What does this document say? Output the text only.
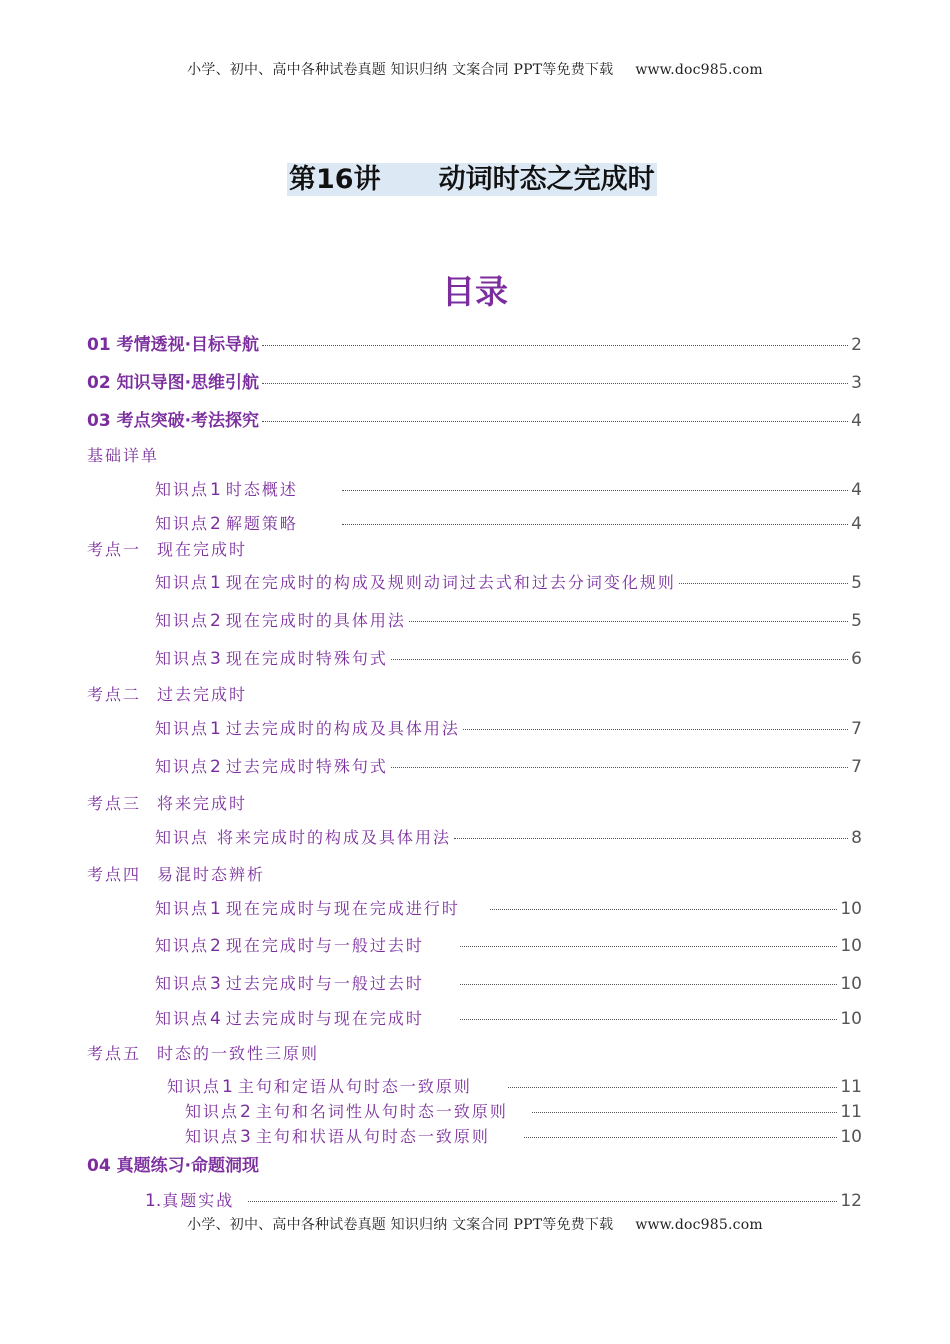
小学、初中、高中各种试卷真题 知识归纳 文案合同 PPT等免费下载 www.doc985.com
第16讲 动词时态之完成时
目录
01 考情透视·目标导航	2
02 知识导图·思维引航	3
03 考点突破·考法探究	4
基础详单
知识点1 时态概述	4
知识点2 解题策略	4
考点一 现在完成时
知识点1 现在完成时的构成及规则动词过去式和过去分词变化规则	5
知识点2 现在完成时的具体用法	5
知识点3 现在完成时特殊句式	6
考点二 过去完成时
知识点1 过去完成时的构成及具体用法	7
知识点2 过去完成时特殊句式	7
考点三 将来完成时
知识点 将来完成时的构成及具体用法	8
考点四 易混时态辨析
知识点1 现在完成时与现在完成进行时	10
知识点2 现在完成时与一般过去时	10
知识点3 过去完成时与一般过去时	10
知识点4 过去完成时与现在完成时	10
考点五 时态的一致性三原则
知识点1 主句和定语从句时态一致原则	11
知识点2 主句和名词性从句时态一致原则	11
知识点3 主句和状语从句时态一致原则	10
04 真题练习·命题洞现
1.真题实战	12
小学、初中、高中各种试卷真题 知识归纳 文案合同 PPT等免费下载 www.doc985.com
